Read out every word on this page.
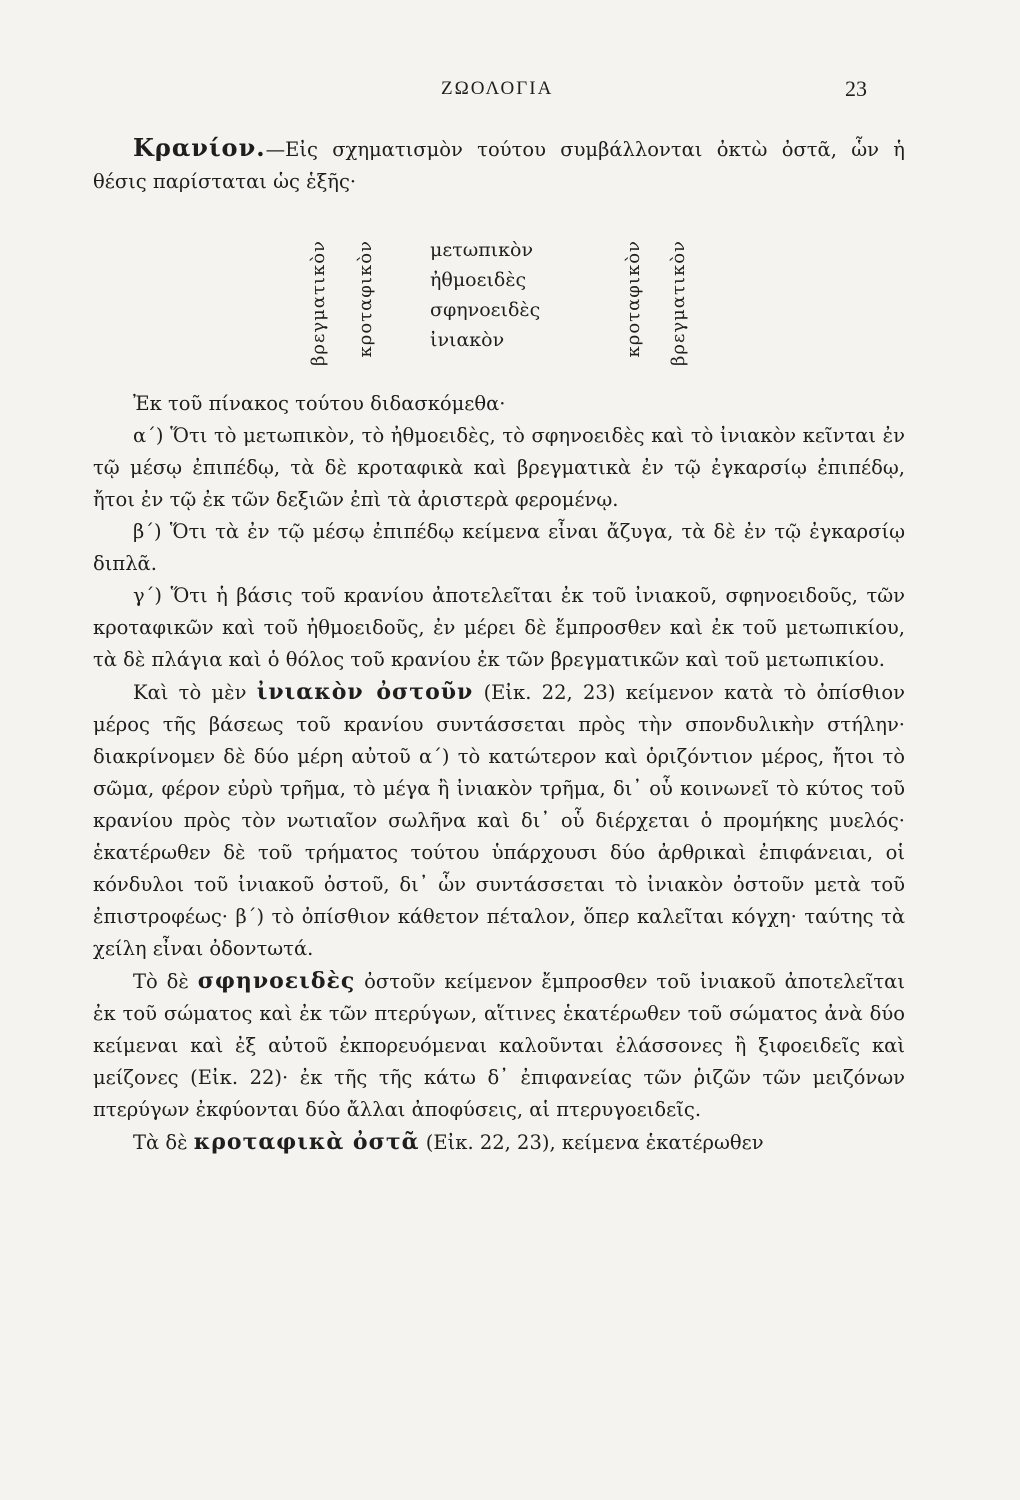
ΖΩΟΛΟΓΙΑ	23

Κρανίον.—Εἰς σχηματισμὸν τούτου συμβάλλονται ὀκτὼ ὀστᾶ, ὧν ἡ θέσις παρίσταται ὡς ἑξῆς·

βρεγματικὸν κροταφικὸν	μετωπικὸν
ἠθμοειδὲς
σφηνοειδὲς
ἰνιακὸν	κροταφικὸν βρεγματικὸν

Ἐκ τοῦ πίνακος τούτου διδασκόμεθα·

α΄) Ὅτι τὸ μετωπικὸν, τὸ ἠθμοειδὲς, τὸ σφηνοειδὲς καὶ τὸ ἰνιακὸν κεῖνται ἐν τῷ μέσῳ ἐπιπέδῳ, τὰ δὲ κροταφικὰ καὶ βρεγματικὰ ἐν τῷ ἐγκαρσίῳ ἐπιπέδῳ, ἤτοι ἐν τῷ ἐκ τῶν δεξιῶν ἐπὶ τὰ ἀριστερὰ φερομένῳ.

β΄) Ὅτι τὰ ἐν τῷ μέσῳ ἐπιπέδῳ κείμενα εἶναι ἄζυγα, τὰ δὲ ἐν τῷ ἐγκαρσίῳ διπλᾶ.

γ΄) Ὅτι ἡ βάσις τοῦ κρανίου ἀποτελεῖται ἐκ τοῦ ἰνιακοῦ, σφηνοειδοῦς, τῶν κροταφικῶν καὶ τοῦ ἠθμοειδοῦς, ἐν μέρει δὲ ἔμπροσθεν καὶ ἐκ τοῦ μετωπικίου, τὰ δὲ πλάγια καὶ ὁ θόλος τοῦ κρανίου ἐκ τῶν βρεγματικῶν καὶ τοῦ μετωπικίου.

Καὶ τὸ μὲν ἰνιακὸν ὀστοῦν (Εἰκ. 22, 23) κείμενον κατὰ τὸ ὀπίσθιον μέρος τῆς βάσεως τοῦ κρανίου συντάσσεται πρὸς τὴν σπονδυλικὴν στήλην· διακρίνομεν δὲ δύο μέρη αὐτοῦ α΄) τὸ κατώτερον καὶ ὁριζόντιον μέρος, ἤτοι τὸ σῶμα, φέρον εὐρὺ τρῆμα, τὸ μέγα ἢ ἰνιακὸν τρῆμα, δι᾽ οὗ κοινωνεῖ τὸ κύτος τοῦ κρανίου πρὸς τὸν νωτιαῖον σωλῆνα καὶ δι᾽ οὗ διέρχεται ὁ προμήκης μυελός· ἑκατέρωθεν δὲ τοῦ τρήματος τούτου ὑπάρχουσι δύο ἀρθρικαὶ ἐπιφάνειαι, οἱ κόνδυλοι τοῦ ἰνιακοῦ ὀστοῦ, δι᾽ ὧν συντάσσεται τὸ ἰνιακὸν ὀστοῦν μετὰ τοῦ ἐπιστροφέως· β΄) τὸ ὀπίσθιον κάθετον πέταλον, ὅπερ καλεῖται κόγχη· ταύτης τὰ χείλη εἶναι ὀδοντωτά.

Τὸ δὲ σφηνοειδὲς ὀστοῦν κείμενον ἔμπροσθεν τοῦ ἰνιακοῦ ἀποτελεῖται ἐκ τοῦ σώματος καὶ ἐκ τῶν πτερύγων, αἵτινες ἑκατέρωθεν τοῦ σώματος ἀνὰ δύο κείμεναι καὶ ἐξ αὐτοῦ ἐκπορευόμεναι καλοῦνται ἐλάσσονες ἢ ξιφοειδεῖς καὶ μείζονες (Εἰκ. 22)· ἐκ τῆς τῆς κάτω δ᾽ ἐπιφανείας τῶν ῥιζῶν τῶν μειζόνων πτερύγων ἐκφύονται δύο ἄλλαι ἀποφύσεις, αἱ πτερυγοειδεῖς.

Τὰ δὲ κροταφικὰ ὀστᾶ (Εἰκ. 22, 23), κείμενα ἑκατέρωθεν
